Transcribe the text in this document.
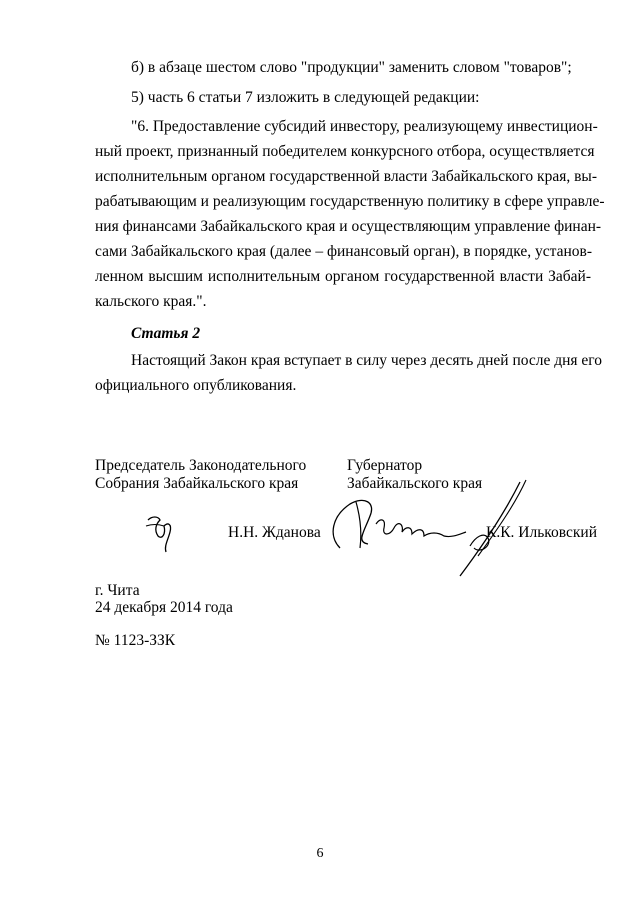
б) в абзаце шестом слово "продукции" заменить словом "товаров";
5) часть 6 статьи 7 изложить в следующей редакции:
"6. Предоставление субсидий инвестору, реализующему инвестицион-
ный проект, признанный победителем конкурсного отбора, осуществляется
исполнительным органом государственной власти Забайкальского края, вы-
рабатывающим и реализующим государственную политику в сфере управле-
ния финансами Забайкальского края и осуществляющим управление финан-
сами Забайкальского края (далее – финансовый орган), в порядке, установ-
ленном высшим исполнительным органом государственной власти Забай-
кальского края.".
Статья 2
Настоящий Закон края вступает в силу через десять дней после дня его
официального опубликования.
Председатель Законодательного
Собрания Забайкальского края
Губернатор
Забайкальского края
Н.Н. Жданова	К.К. Ильковский
г. Чита
24 декабря 2014 года
№ 1123-ЗЗК
6
